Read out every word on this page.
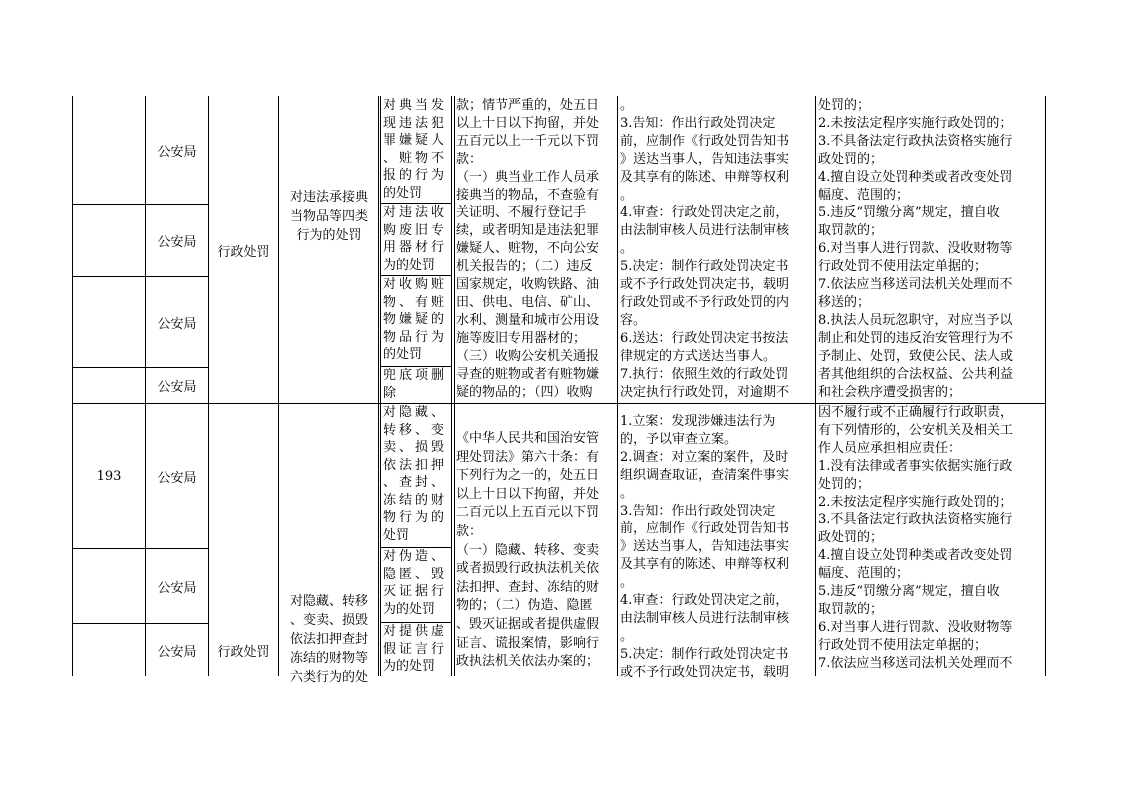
公安局
公安局
公安局
公安局
行政处罚
对违法承接典
当物品等四类
行为的处罚
对典当发
现违法犯
罪嫌疑人
、赃物不
报的行为
的处罚
对违法收
购废旧专
用器材行
为的处罚
对收购赃
物、有赃
物嫌疑的
物品行为
的处罚
兜底项删
除
款；情节严重的，处五日
以上十日以下拘留，并处
五百元以上一千元以下罚
款：
（一）典当业工作人员承
接典当的物品，不查验有
关证明、不履行登记手
续，或者明知是违法犯罪
嫌疑人、赃物，不向公安
机关报告的；（二）违反
国家规定，收购铁路、油
田、供电、电信、矿山、
水利、测量和城市公用设
施等废旧专用器材的；
（三）收购公安机关通报
寻查的赃物或者有赃物嫌
疑的物品的；（四）收购
。
3.告知：作出行政处罚决定
前，应制作《行政处罚告知书
》送达当事人，告知违法事实
及其享有的陈述、申辩等权利
。
4.审查：行政处罚决定之前，
由法制审核人员进行法制审核
。
5.决定：制作行政处罚决定书
或不予行政处罚决定书，载明
行政处罚或不予行政处罚的内
容。
6.送达：行政处罚决定书按法
律规定的方式送达当事人。
7.执行：依照生效的行政处罚
决定执行行政处罚，对逾期不
处罚的；
2.未按法定程序实施行政处罚的；
3.不具备法定行政执法资格实施行
政处罚的；
4.擅自设立处罚种类或者改变处罚
幅度、范围的；
5.违反“罚缴分离”规定，擅自收
取罚款的；
6.对当事人进行罚款、没收财物等
行政处罚不使用法定单据的；
7.依法应当移送司法机关处理而不
移送的；
8.执法人员玩忽职守，对应当予以
制止和处罚的违反治安管理行为不
予制止、处罚，致使公民、法人或
者其他组织的合法权益、公共利益
和社会秩序遭受损害的；
193	公安局
公安局
公安局	行政处罚
对隐藏、转移
、变卖、损毁
依法扣押查封
冻结的财物等
六类行为的处
对隐藏、
转移、变
卖、损毁
依法扣押
、查封、
冻结的财
物行为的
处罚
对伪造、
隐匿、毁
灭证据行
为的处罚
对提供虚
假证言行
为的处罚
《中华人民共和国治安管
理处罚法》第六十条：有
下列行为之一的，处五日
以上十日以下拘留，并处
二百元以上五百元以下罚
款：
（一）隐藏、转移、变卖
或者损毁行政执法机关依
法扣押、查封、冻结的财
物的；（二）伪造、隐匿
、毁灭证据或者提供虚假
证言、谎报案情，影响行
政执法机关依法办案的；
1.立案：发现涉嫌违法行为
的，予以审查立案。
2.调查：对立案的案件，及时
组织调查取证，查清案件事实
。
3.告知：作出行政处罚决定
前，应制作《行政处罚告知书
》送达当事人，告知违法事实
及其享有的陈述、申辩等权利
。
4.审查：行政处罚决定之前，
由法制审核人员进行法制审核
。
5.决定：制作行政处罚决定书
或不予行政处罚决定书，载明
因不履行或不正确履行行政职责，
有下列情形的，公安机关及相关工
作人员应承担相应责任：
1.没有法律或者事实依据实施行政
处罚的；
2.未按法定程序实施行政处罚的；
3.不具备法定行政执法资格实施行
政处罚的；
4.擅自设立处罚种类或者改变处罚
幅度、范围的；
5.违反“罚缴分离”规定，擅自收
取罚款的；
6.对当事人进行罚款、没收财物等
行政处罚不使用法定单据的；
7.依法应当移送司法机关处理而不
